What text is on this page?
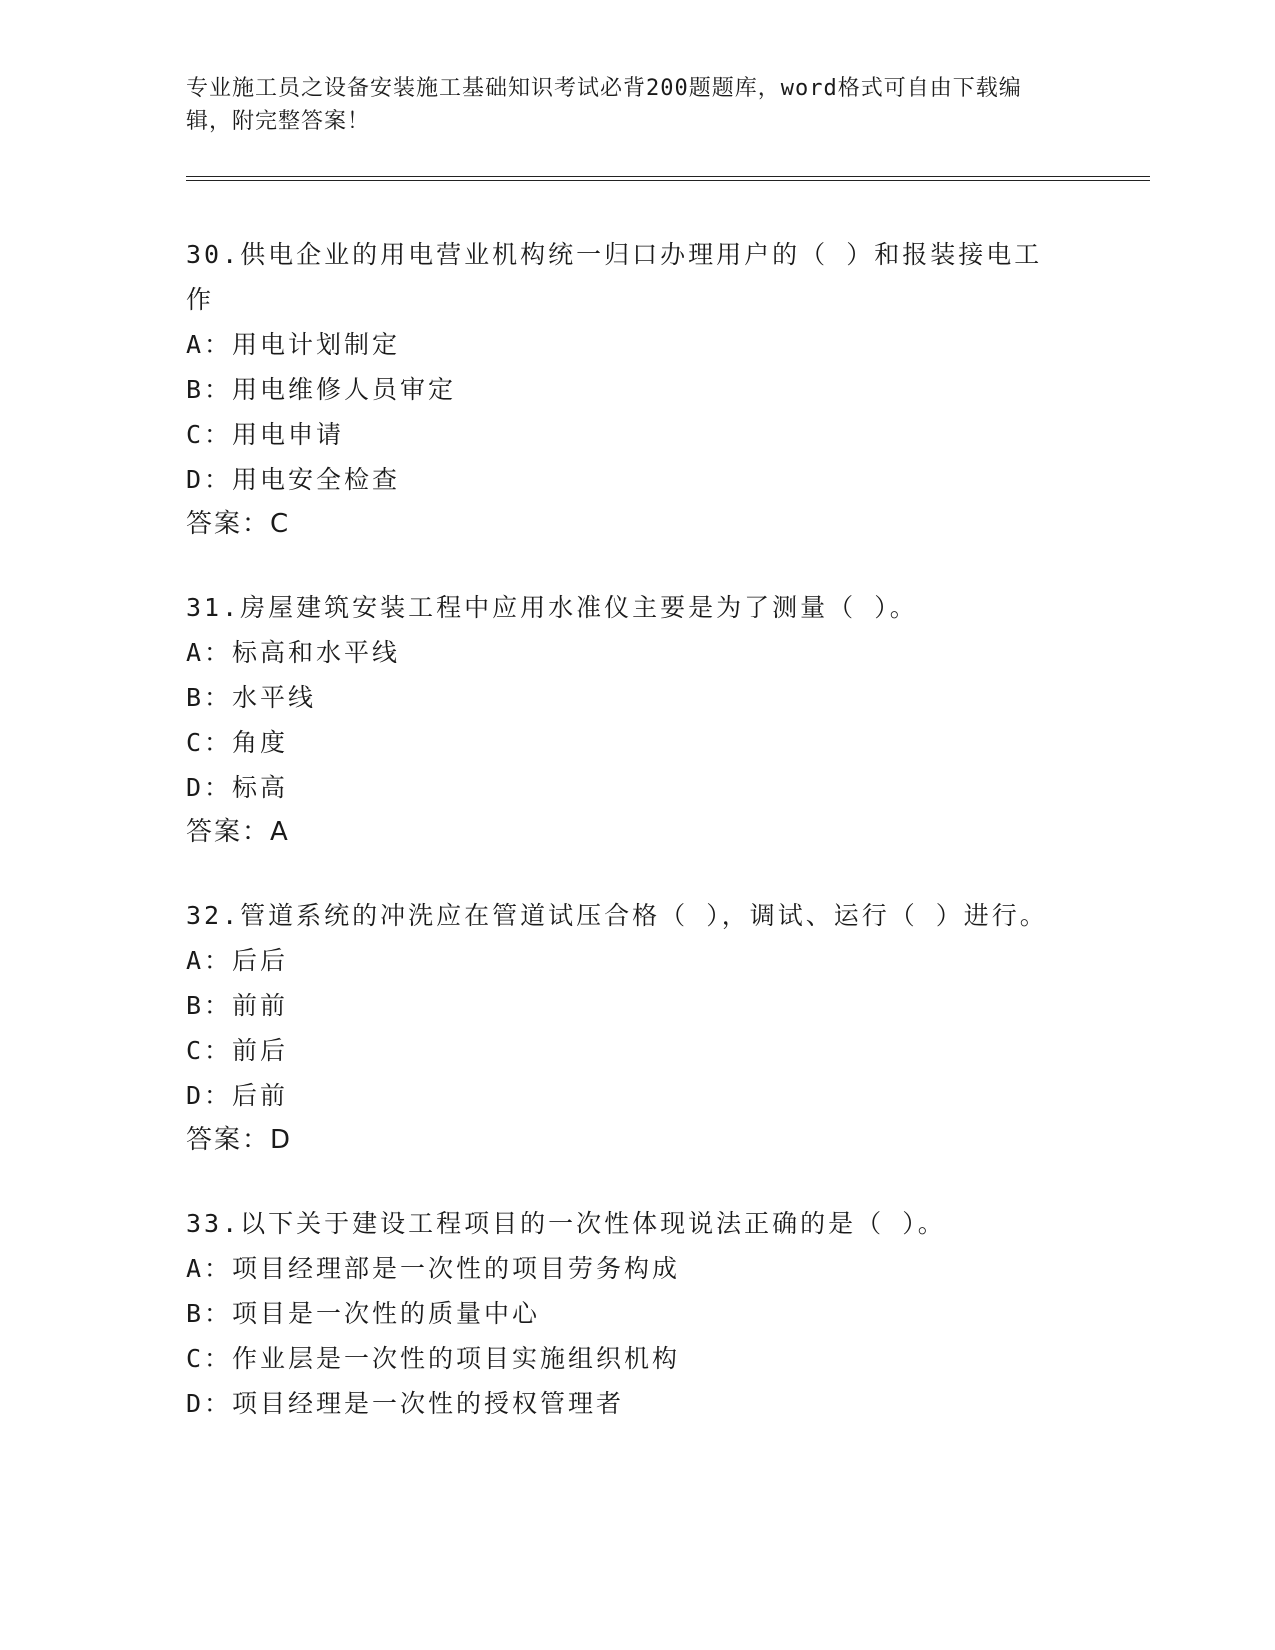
专业施工员之设备安装施工基础知识考试必背200题题库，word格式可自由下载编辑，附完整答案！

30.供电企业的用电营业机构统一归口办理用户的（ ）和报装接电工作

A：用电计划制定

B：用电维修人员审定

C：用电申请

D：用电安全检查

答案：C

31.房屋建筑安装工程中应用水准仪主要是为了测量（ ）。

A：标高和水平线

B：水平线

C：角度

D：标高

答案：A

32.管道系统的冲洗应在管道试压合格（ ），调试、运行（ ）进行。

A：后后

B：前前

C：前后

D：后前

答案：D

33.以下关于建设工程项目的一次性体现说法正确的是（ ）。

A：项目经理部是一次性的项目劳务构成

B：项目是一次性的质量中心

C：作业层是一次性的项目实施组织机构

D：项目经理是一次性的授权管理者
